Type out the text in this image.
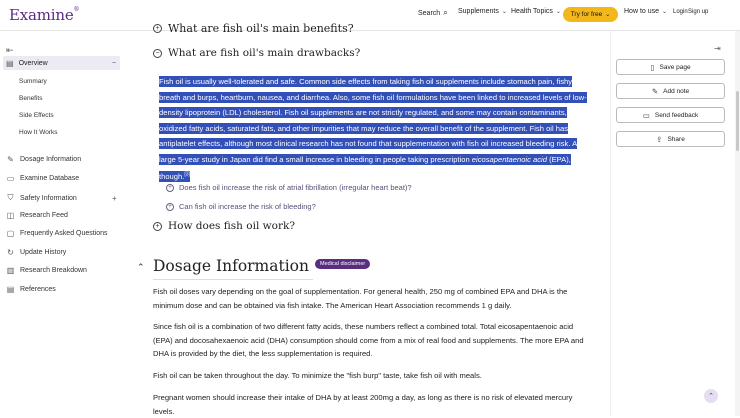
Examine®	Search ⌕ Supplements ⌄ Health Topics ⌄ Try for free ⌄ How to use ⌄ Login Sign up
⇤
▤ Overview	−
Summary
Benefits
Side Effects
How It Works
✎ Dosage Information
▭ Examine Database
⛉ Safety Information	+
◫ Research Feed
▢ Frequently Asked Questions
↻ Update History
▥ Research Breakdown
▤ References
+ What are fish oil's main benefits?
− What are fish oil's main drawbacks?
Fish oil is usually well-tolerated and safe. Common side effects from taking fish oil supplements include stomach pain, fishy breath and burps, heartburn, nausea, and diarrhea. Also, some fish oil formulations have been linked to increased levels of low-density lipoprotein (LDL) cholesterol. Fish oil supplements are not strictly regulated, and some may contain contaminants, oxidized fatty acids, saturated fats, and other impurities that may reduce the overall benefit of the supplement. Fish oil has antiplatelet effects, although most clinical research has not found that supplementation with fish oil increased bleeding risk. A large 5-year study in Japan did find a small increase in bleeding in people taking prescription eicosapentaenoic acid (EPA), though.[3]
+ Does fish oil increase the risk of atrial fibrillation (irregular heart beat)?
+ Can fish oil increase the risk of bleeding?
+ How does fish oil work?
⌃ Dosage Information	Medical disclaimer

Fish oil doses vary depending on the goal of supplementation. For general health, 250 mg of combined EPA and DHA is the minimum dose and can be obtained via fish intake. The American Heart Association recommends 1 g daily.

Since fish oil is a combination of two different fatty acids, these numbers reflect a combined total. Total eicosapentaenoic acid (EPA) and docosahexaenoic acid (DHA) consumption should come from a mix of real food and supplements. The more EPA and DHA is provided by the diet, the less supplementation is required.

Fish oil can be taken throughout the day. To minimize the "fish burp" taste, take fish oil with meals.

Pregnant women should increase their intake of DHA by at least 200mg a day, as long as there is no risk of elevated mercury levels.

⇥
▯ Save page
✎ Add note
▭ Send feedback
⇪ Share
⌃
